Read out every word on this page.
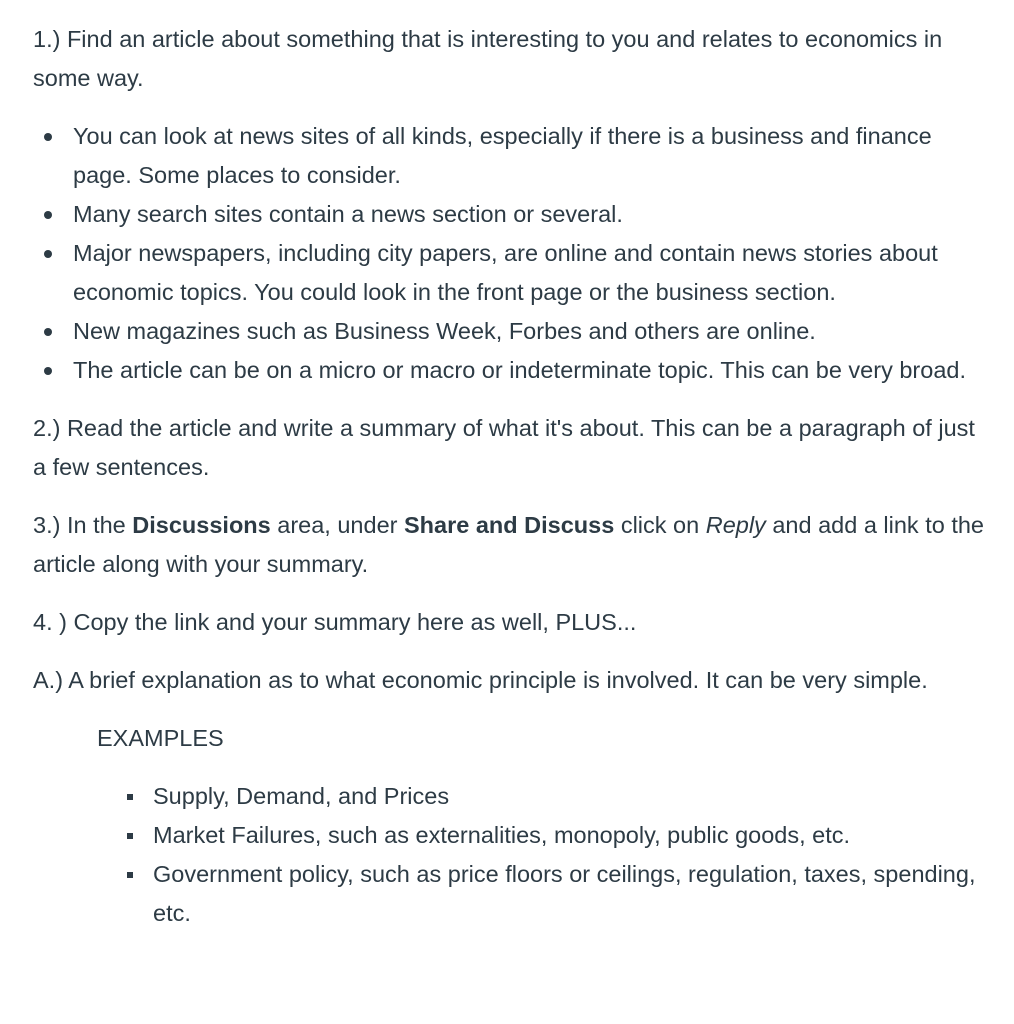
1.) Find an article about something that is interesting to you and relates to economics in some way.

You can look at news sites of all kinds, especially if there is a business and finance page. Some places to consider.
Many search sites contain a news section or several.
Major newspapers, including city papers, are online and contain news stories about economic topics. You could look in the front page or the business section.
New magazines such as Business Week, Forbes and others are online.
The article can be on a micro or macro or indeterminate topic. This can be very broad.

2.) Read the article and write a summary of what it's about. This can be a paragraph of just a few sentences.

3.) In the Discussions area, under Share and Discuss click on Reply and add a link to the article along with your summary.

4. ) Copy the link and your summary here as well, PLUS...

A.) A brief explanation as to what economic principle is involved. It can be very simple.

EXAMPLES

Supply, Demand, and Prices
Market Failures, such as externalities, monopoly, public goods, etc.
Government policy, such as price floors or ceilings, regulation, taxes, spending, etc.
